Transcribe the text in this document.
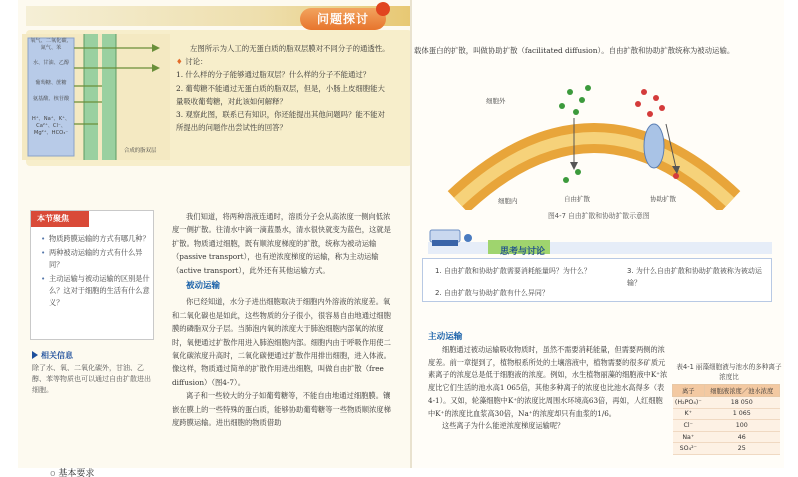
问题探讨
氧气、二氧化碳、氮气、苯
水、甘油、乙醇
葡萄糖、蔗糖
氨基酸、核苷酸
H⁺、Na⁺、K⁺、Ca²⁺、Cl⁻、Mg²⁺、HCO₃⁻
合成的脂双层

左图所示为人工的无蛋白质的脂双层膜对不同分子的通透性。

♦ 讨论：

1. 什么样的分子能够通过脂双层？什么样的分子不能通过？

2. 葡萄糖不能通过无蛋白质的脂双层，但是，小肠上皮细胞能大量吸收葡萄糖，对此该如何解释？

3. 观察此图，联系已有知识，你还能提出其他问题吗？能不能对所提出的问题作出尝试性的回答？

本节聚焦
• 物质跨膜运输的方式有哪几种？
• 两种被动运输的方式有什么异同？
• 主动运输与被动运输的区别是什么？这对于细胞的生活有什么意义？
相关信息
除了水、氧、二氧化碳外，甘油、乙醇、苯等物质也可以通过自由扩散进出细胞。

我们知道，将两种溶液连通时，溶质分子会从高浓度一侧向低浓度一侧扩散。往清水中滴一滴蓝墨水，清水很快就变为蓝色，这就是扩散。物质通过细胞，既有顺浓度梯度的扩散，统称为被动运输（passive transport），也有逆浓度梯度的运输，称为主动运输（active transport），此外还有其他运输方式。

被动运输

你已经知道，水分子进出细胞取决于细胞内外溶液的浓度差。氧和二氧化碳也是如此，这些物质的分子很小，很容易自由地通过细胞膜的磷脂双分子层。当肺泡内氧的浓度大于肺泡细胞内部氧的浓度时，氧便通过扩散作用进入肺泡细胞内部。细胞内由于呼吸作用使二氧化碳浓度升高时，二氧化碳便通过扩散作用排出细胞，进入体液。像这样，物质通过简单的扩散作用进出细胞，叫做自由扩散（free diffusion）（图4-7）。

离子和一些较大的分子如葡萄糖等，不能自由地通过细胞膜。镶嵌在膜上的一些特殊的蛋白质，能够协助葡萄糖等一些物质顺浓度梯度跨膜运输。进出细胞的物质借助

载体蛋白的扩散，叫做协助扩散（facilitated diffusion）。自由扩散和协助扩散统称为被动运输。
细胞外
细胞内	自由扩散	协助扩散
图4-7 自由扩散和协助扩散示意图
思考与讨论
1. 自由扩散和协助扩散需要消耗能量吗？为什么？
2. 自由扩散与协助扩散有什么异同？
3. 为什么自由扩散和协助扩散被称为被动运输？
主动运输

细胞通过被动运输吸收物质时，虽然不需要消耗能量，但需要两侧的浓度差。前一章提到了，植物根系所处的土壤溶液中，植物需要的很多矿质元素离子的浓度总是低于细胞液的浓度。例如，水生植物丽藻的细胞液中K⁺浓度比它们生活的池水高1 065倍，其他多种离子的浓度也比池水高得多（表4-1）。又如，轮藻细胞中K⁺的浓度比周围水环境高63倍，再如，人红细胞中K⁺的浓度比血浆高30倍，Na⁺的浓度却只有血浆的1/6。

这些离子为什么能逆浓度梯度运输呢？

表4-1 丽藻细胞液与池水的多种离子浓度比
离子	细胞液浓度／池水浓度
(H₂PO₄)⁻	18 050
K⁺	1 065
Cl⁻	100
Na⁺	46
SO₄²⁻	25
o 基本要求
